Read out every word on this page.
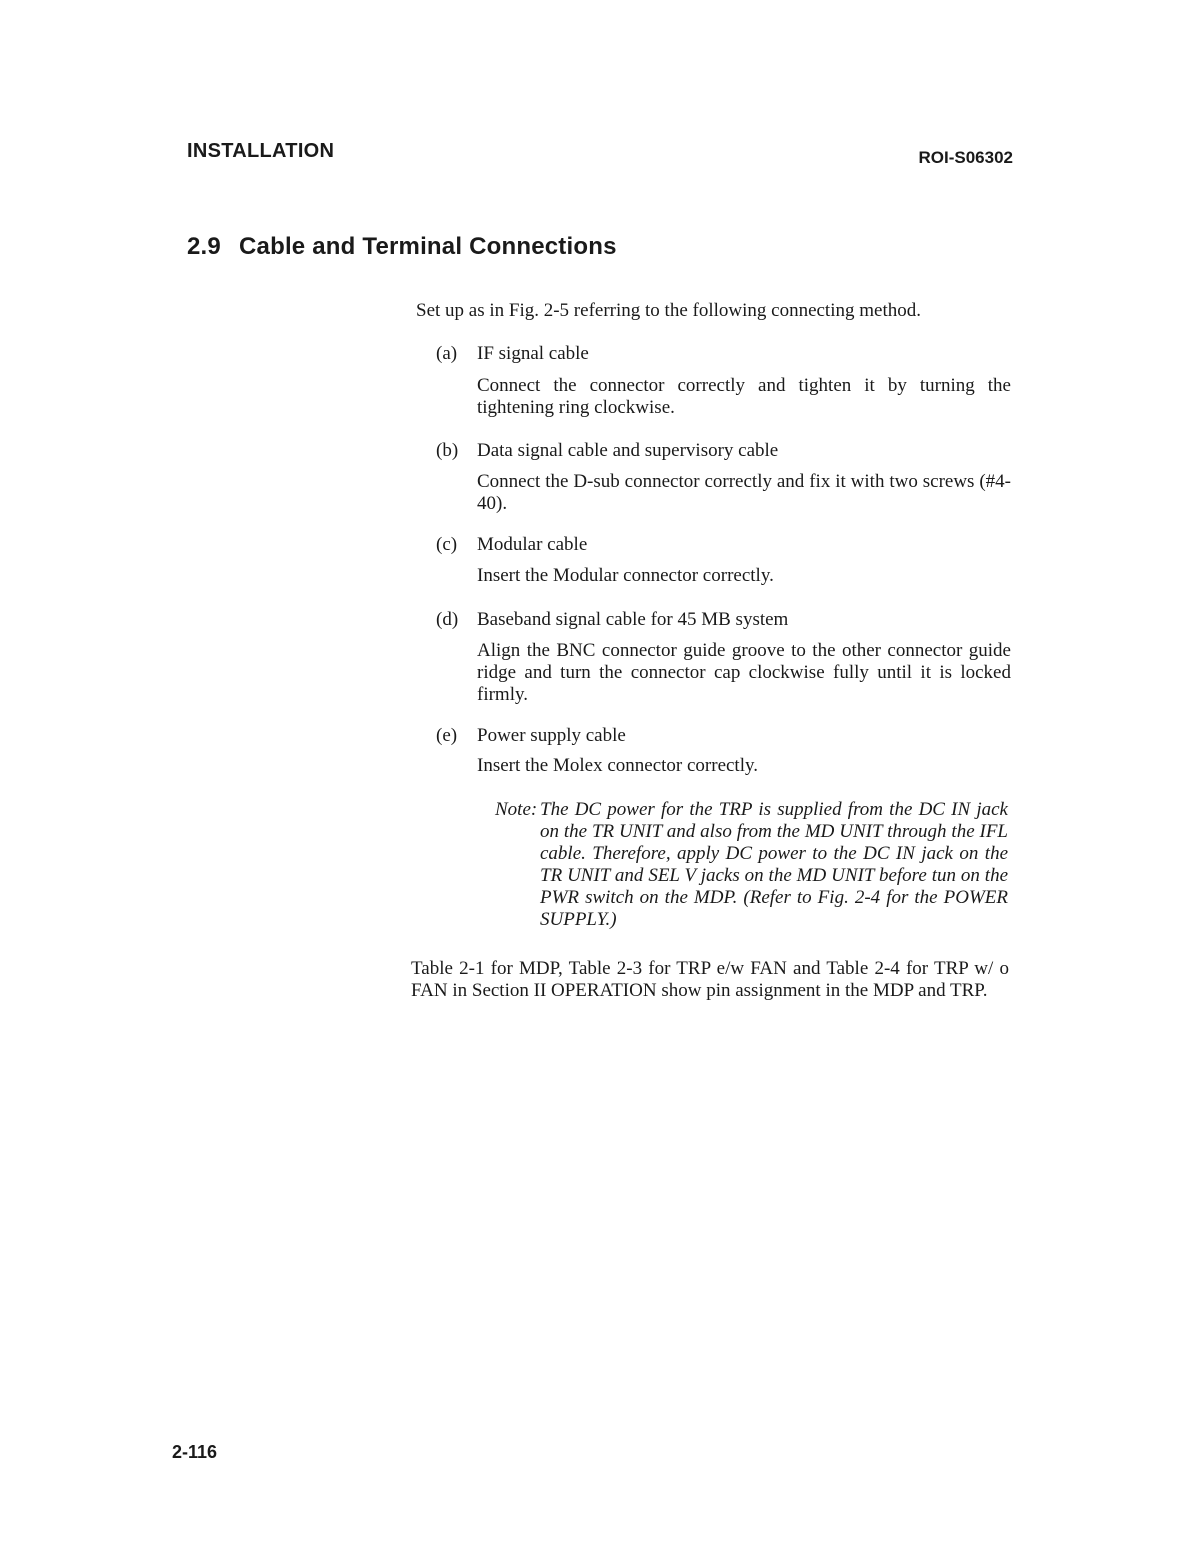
INSTALLATION	ROI-S06302
2.9 Cable and Terminal Connections
Set up as in Fig. 2-5 referring to the following connecting method.
(a) IF signal cable
Connect the connector correctly and tighten it by turning the tightening ring clockwise.
(b) Data signal cable and supervisory cable
Connect the D-sub connector correctly and fix it with two screws (#4-40).
(c) Modular cable
Insert the Modular connector correctly.
(d) Baseband signal cable for 45 MB system
Align the BNC connector guide groove to the other connector guide ridge and turn the connector cap clockwise fully until it is locked firmly.
(e) Power supply cable
Insert the Molex connector correctly.
Note: The DC power for the TRP is supplied from the DC IN jack on the TR UNIT and also from the MD UNIT through the IFL cable. Therefore, apply DC power to the DC IN jack on the TR UNIT and SEL V jacks on the MD UNIT before tun on the PWR switch on the MDP. (Refer to Fig. 2-4 for the POWER SUPPLY.)
Table 2-1 for MDP, Table 2-3 for TRP e/w FAN and Table 2-4 for TRP w/ o FAN in Section II OPERATION show pin assignment in the MDP and TRP.
2-116
